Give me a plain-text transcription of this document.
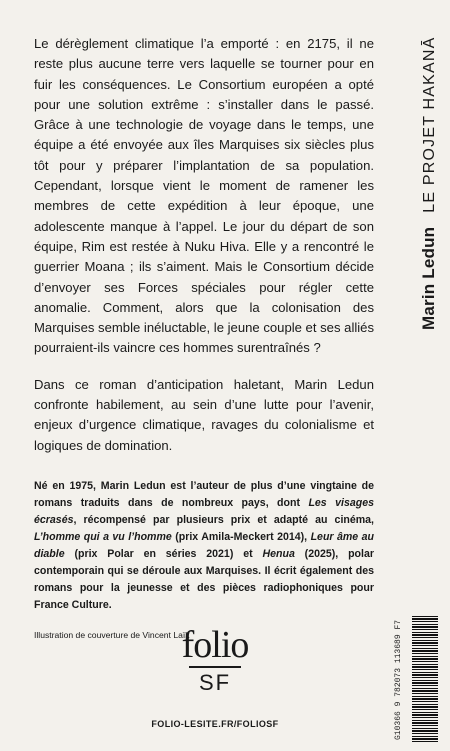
Le dérèglement climatique l’a emporté : en 2175, il ne reste plus aucune terre vers laquelle se tourner pour en fuir les conséquences. Le Consortium européen a opté pour une solution extrême : s’installer dans le passé. Grâce à une technologie de voyage dans le temps, une équipe a été envoyée aux îles Marquises six siècles plus tôt pour y préparer l’implantation de sa population. Cependant, lorsque vient le moment de ramener les membres de cette expédition à leur époque, une adolescente manque à l’appel. Le jour du départ de son équipe, Rim est restée à Nuku Hiva. Elle y a rencontré le guerrier Moana ; ils s’aiment. Mais le Consortium décide d’envoyer ses Forces spéciales pour régler cette anomalie. Comment, alors que la colonisation des Marquises semble inéluctable, le jeune couple et ses alliés pourraient-ils vaincre ces hommes surentraînés ?

Dans ce roman d’anticipation haletant, Marin Ledun confronte habilement, au sein d’une lutte pour l’avenir, enjeux d’urgence climatique, ravages du colonialisme et logiques de domination.

Né en 1975, Marin Ledun est l’auteur de plus d’une vingtaine de romans traduits dans de nombreux pays, dont Les visages écrasés, récompensé par plusieurs prix et adapté au cinéma, L’homme qui a vu l’homme (prix Amila-Meckert 2014), Leur âme au diable (prix Polar en séries 2021) et Henua (2025), polar contemporain qui se déroule aux Marquises. Il écrit également des romans pour la jeunesse et des pièces radiophoniques pour France Culture.
Illustration de couverture de Vincent Laïk
Marin LedunLE PROJET HAKANĀ
folio
SF
FOLIO-LESITE.FR/FOLIOSF	G10366 9 782073 113689 F7
